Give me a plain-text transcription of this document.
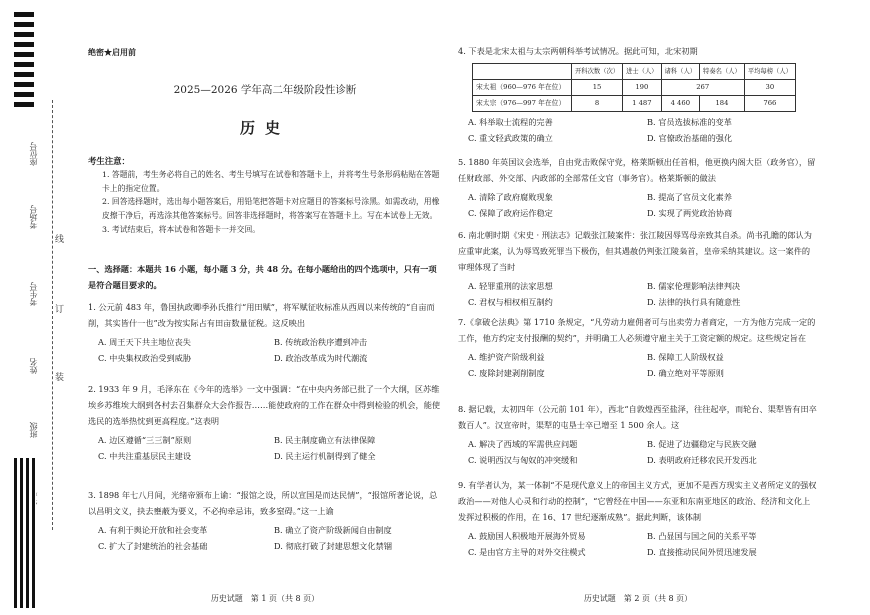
座位号
考场号
考生号
姓名
班级
线
订
装
绝密★启用前
2025—2026 学年高二年级阶段性诊断
历史
考生注意：

1. 答题前，考生务必将自己的姓名、考生号填写在试卷和答题卡上，并将考生号条形码粘贴在答题卡上的指定位置。

2. 回答选择题时，选出每小题答案后，用铅笔把答题卡对应题目的答案标号涂黑。如需改动，用橡皮擦干净后，再选涂其他答案标号。回答非选择题时，将答案写在答题卡上。写在本试卷上无效。

3. 考试结束后，将本试卷和答题卡一并交回。

一、选择题：本题共 16 小题，每小题 3 分，共 48 分。在每小题给出的四个选项中，只有一项是符合题目要求的。

1. 公元前 483 年，鲁国执政卿季孙氏推行“用田赋”，将军赋征收标准从西周以来传统的“自亩而削，其实皆什一也”改为按实际占有田亩数量征税。这反映出

A. 周王天下共主地位丧失	B. 传统政治秩序遭到冲击
C. 中央集权政治受到威胁	D. 政治改革成为时代潮流

2. 1933 年 9 月，毛泽东在《今年的选举》一文中强调：“在中央内务部已批了一个大纲，区苏维埃乡苏维埃大纲到各村去召集群众大会作报告……能使政府的工作在群众中得到检验的机会，能使选民的选举热忱到更高程度。”这表明

A. 边区遵循“三三制”原则	B. 民主制度确立有法律保障
C. 中共注重基层民主建设	D. 民主运行机制得到了健全

3. 1898 年七八月间，光绪帝颁布上谕：“报馆之设，所以宣国是而达民情”，“报馆所著论说，总以昌明文义，抉去壅蔽为要义，不必拘牵忌讳，致多窒碍。”这一上谕

A. 有利于舆论开放和社会变革	B. 确立了资产阶级新闻自由制度
C. 扩大了封建统治的社会基础	D. 彻底打破了封建思想文化禁锢
历史试题　第 1 页（共 8 页）

4. 下表是北宋太祖与太宗两朝科举考试情况。据此可知，北宋初期

	开科次数（次）	进士（人）	诸科（人）	特奏名（人）	平均每榜（人）
宋太祖（960—976 年在位）	15	190	267		30
宋太宗（976—997 年在位）	8	1 487	4 460	184	766
A. 科举取士流程的完善	B. 官员选拔标准的变革
C. 重文轻武政策的确立	D. 官僚政治基础的强化

5. 1880 年英国议会选举，自由党击败保守党，格莱斯顿出任首相，他更换内阁大臣（政务官），留任财政部、外交部、内政部的全部常任文官（事务官）。格莱斯顿的做法

A. 清除了政府腐败现象	B. 提高了官员文化素养
C. 保障了政府运作稳定	D. 实现了两党政治协商

6. 南北朝时期《宋史 · 刑法志》记载张江陵案件：张江陵因辱骂母亲致其自杀。尚书孔瞻的郎认为应重审此案，认为辱骂致死罪当下极伤，但其遇赦仍判张江陵枭首，皇帝采纳其建议。这一案件的审理体现了当时

A. 轻罪重刑的法家思想	B. 儒家伦理影响法律判决
C. 君权与相权相互制约	D. 法律的执行具有随意性

7.《拿破仑法典》第 1710 条规定，“凡劳动力雇佣者可与出卖劳力者商定，一方为他方完成一定的工作，他方约定支付报酬的契约”，并明确工人必须遵守雇主关于工资定额的规定。这些规定旨在

A. 维护资产阶级利益	B. 保障工人阶级权益
C. 废除封建剥削制度	D. 确立绝对平等原则

8. 据记载，太初四年（公元前 101 年），西北“自敦煌西至盐泽，往往起亭，而轮台、渠犁皆有田卒数百人”。汉宣帝时，渠犁的屯垦士卒已增至 1 500 余人。这

A. 解决了西域的军需供应问题	B. 促进了边疆稳定与民族交融
C. 说明西汉与匈奴的冲突缓和	D. 表明政府迁移农民开发西北

9. 有学者认为，某一体制“不是现代意义上的帝国主义方式，更加不是西方现实主义者所定义的强权政治——对他人心灵和行动的控制”，“它曾经在中国——东亚和东南亚地区的政治、经济和文化上发挥过积极的作用，在 16、17 世纪逐渐成熟”。据此判断，该体制

A. 鼓励国人积极地开展海外贸易	B. 凸显国与国之间的关系平等
C. 是由官方主导的对外交往模式	D. 直接推动民间外贸迅速发展
历史试题　第 2 页（共 8 页）
